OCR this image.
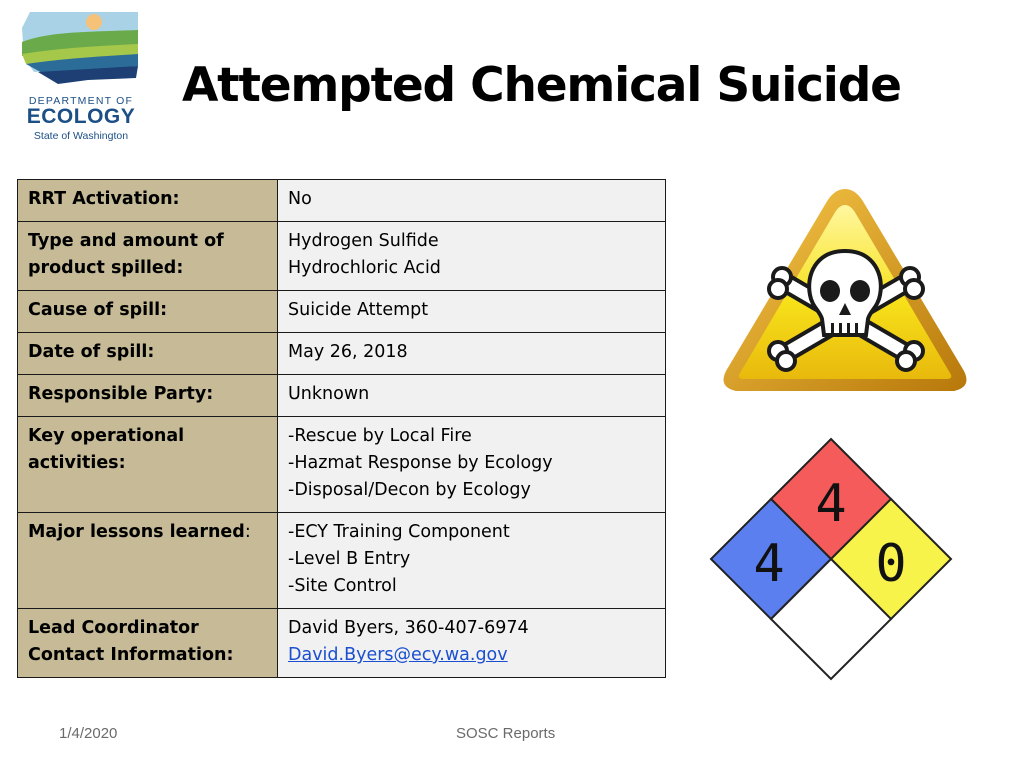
DEPARTMENT OF
ECOLOGY
State of Washington
Attempted Chemical Suicide
RRT Activation:	No

Type and amount of product spilled:	Hydrogen Sulfide
Hydrochloric Acid

Cause of spill:	Suicide Attempt

Date of spill:	May 26, 2018

Responsible Party:	Unknown

Key operational activities:	-Rescue by Local Fire
-Hazmat Response by Ecology
-Disposal/Decon by Ecology

Major lessons learned:	-ECY Training Component
-Level B Entry
-Site Control

Lead Coordinator Contact Information:	David Byers, 360-407-6974
David.Byers@ecy.wa.gov
4
4 0
1/4/2020	SOSC Reports
